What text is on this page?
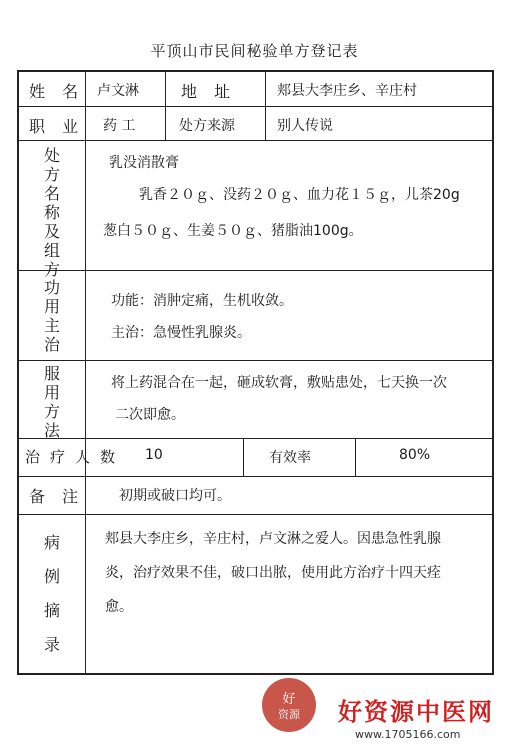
平顶山市民间秘验单方登记表
姓 名 卢文淋	地 址	郏县大李庄乡、辛庄村
职 业 药 工	处方来源	别人传说
处方名称及组方
乳没消散膏
乳香２０ｇ、没药２０ｇ、血力花１５ｇ，儿茶20g
葱白５０ｇ、生姜５０ｇ、猪脂油100g。
功用主治
功能：消肿定痛，生机收敛。
主治：急慢性乳腺炎。
服用方法
将上药混合在一起，砸成软膏，敷贴患处，七天换一次
二次即愈。
治疗人数 10	有效率	80%
备 注 初期或破口均可。
病例摘录
郏县大李庄乡，辛庄村，卢文淋之爱人。因患急性乳腺
炎，治疗效果不佳，破口出脓，使用此方治疗十四天痊
愈。
好
资源	好资源中医网
www.1705166.com
